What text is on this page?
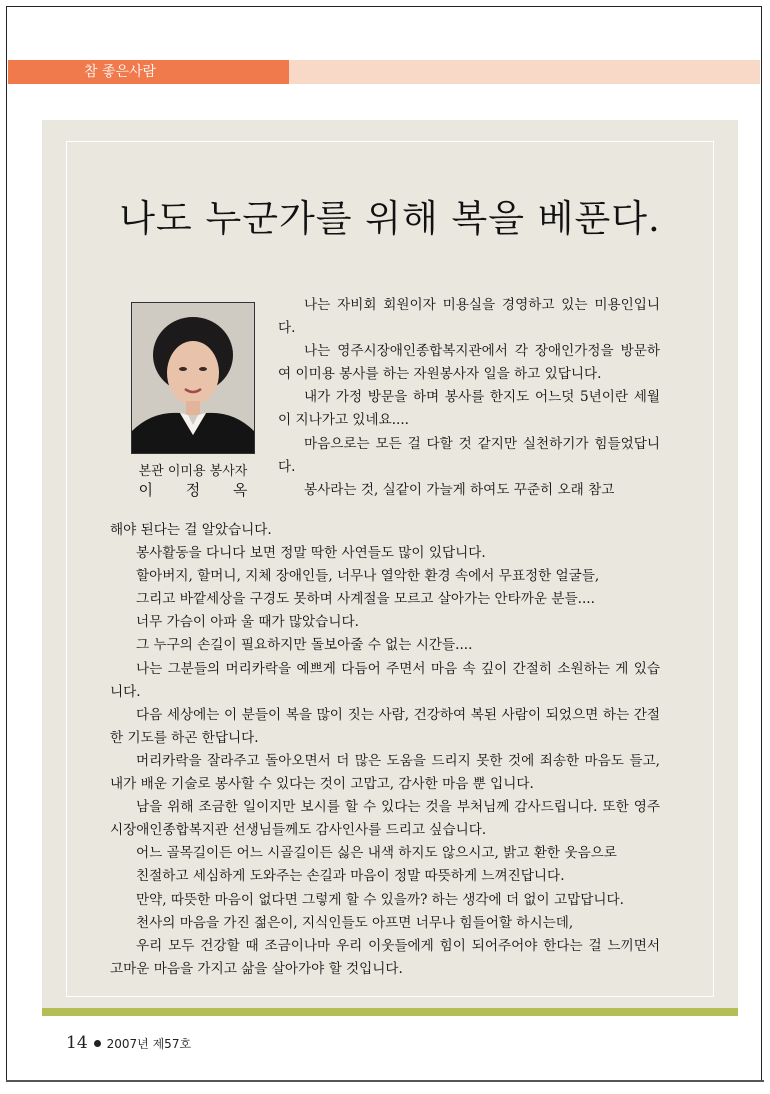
참 좋은사람
나도 누군가를 위해 복을 베푼다.
본관 이미용 봉사자
이 정 옥

나는 자비회 회원이자 미용실을 경영하고 있는 미용인입니다.

나는 영주시장애인종합복지관에서 각 장애인가정을 방문하여 이미용 봉사를 하는 자원봉사자 일을 하고 있답니다.

내가 가정 방문을 하며 봉사를 한지도 어느덧 5년이란 세월이 지나가고 있네요....

마음으로는 모든 걸 다할 것 같지만 실천하기가 힘들었답니다.

봉사라는 것, 실같이 가늘게 하여도 꾸준히 오래 참고

해야 된다는 걸 알았습니다.

봉사활동을 다니다 보면 정말 딱한 사연들도 많이 있답니다.

할아버지, 할머니, 지체 장애인들, 너무나 열악한 환경 속에서 무표정한 얼굴들,

그리고 바깥세상을 구경도 못하며 사계절을 모르고 살아가는 안타까운 분들....

너무 가슴이 아파 울 때가 많았습니다.

그 누구의 손길이 필요하지만 돌보아줄 수 없는 시간들....

나는 그분들의 머리카락을 예쁘게 다듬어 주면서 마음 속 깊이 간절히 소원하는 게 있습니다.

다음 세상에는 이 분들이 복을 많이 짓는 사람, 건강하여 복된 사람이 되었으면 하는 간절한 기도를 하곤 한답니다.

머리카락을 잘라주고 돌아오면서 더 많은 도움을 드리지 못한 것에 죄송한 마음도 들고, 내가 배운 기술로 봉사할 수 있다는 것이 고맙고, 감사한 마음 뿐 입니다.

남을 위해 조금한 일이지만 보시를 할 수 있다는 것을 부처님께 감사드립니다. 또한 영주시장애인종합복지관 선생님들께도 감사인사를 드리고 싶습니다.

어느 골목길이든 어느 시골길이든 싫은 내색 하지도 않으시고, 밝고 환한 웃음으로

친절하고 세심하게 도와주는 손길과 마음이 정말 따뜻하게 느껴진답니다.

만약, 따뜻한 마음이 없다면 그렇게 할 수 있을까? 하는 생각에 더 없이 고맙답니다.

천사의 마음을 가진 젊은이, 지식인들도 아프면 너무나 힘들어할 하시는데,

우리 모두 건강할 때 조금이나마 우리 이웃들에게 힘이 되어주어야 한다는 걸 느끼면서 고마운 마음을 가지고 삶을 살아가야 할 것입니다.

14 2007년 제57호
